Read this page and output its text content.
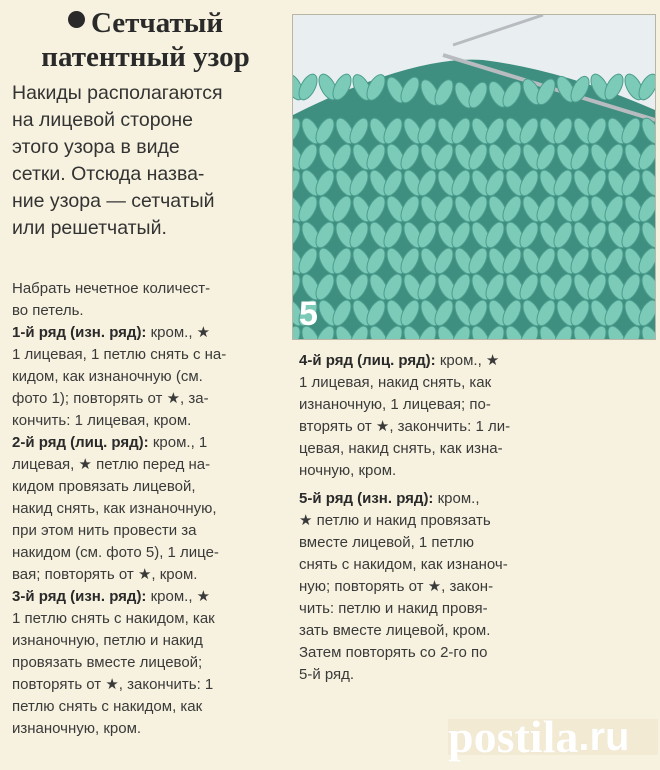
Сетчатый
патентный узор
Накиды располагаются
на лицевой стороне
этого узора в виде
сетки. Отсюда назва-
ние узора — сетчатый
или решетчатый.
Набрать нечетное количест-
во петель.
1-й ряд (изн. ряд): кром., ★
1 лицевая, 1 петлю снять с на-
кидом, как изнаночную (см.
фото 1); повторять от ★, за-
кончить: 1 лицевая, кром.
2-й ряд (лиц. ряд): кром., 1
лицевая, ★ петлю перед на-
кидом провязать лицевой,
накид снять, как изнаночную,
при этом нить провести за
накидом (см. фото 5), 1 лице-
вая; повторять от ★, кром.
3-й ряд (изн. ряд): кром., ★
1 петлю снять с накидом, как
изнаночную, петлю и накид
провязать вместе лицевой;
повторять от ★, закончить: 1
петлю снять с накидом, как
изнаночную, кром.
5
4-й ряд (лиц. ряд): кром., ★
1 лицевая, накид снять, как
изнаночную, 1 лицевая; по-
вторять от ★, закончить: 1 ли-
цевая, накид снять, как изна-
ночную, кром.
5-й ряд (изн. ряд): кром.,
★ петлю и накид провязать
вместе лицевой, 1 петлю
снять с накидом, как изнаноч-
ную; повторять от ★, закон-
чить: петлю и накид провя-
зать вместе лицевой, кром.
Затем повторять со 2-го по
5-й ряд.
postila .ru
